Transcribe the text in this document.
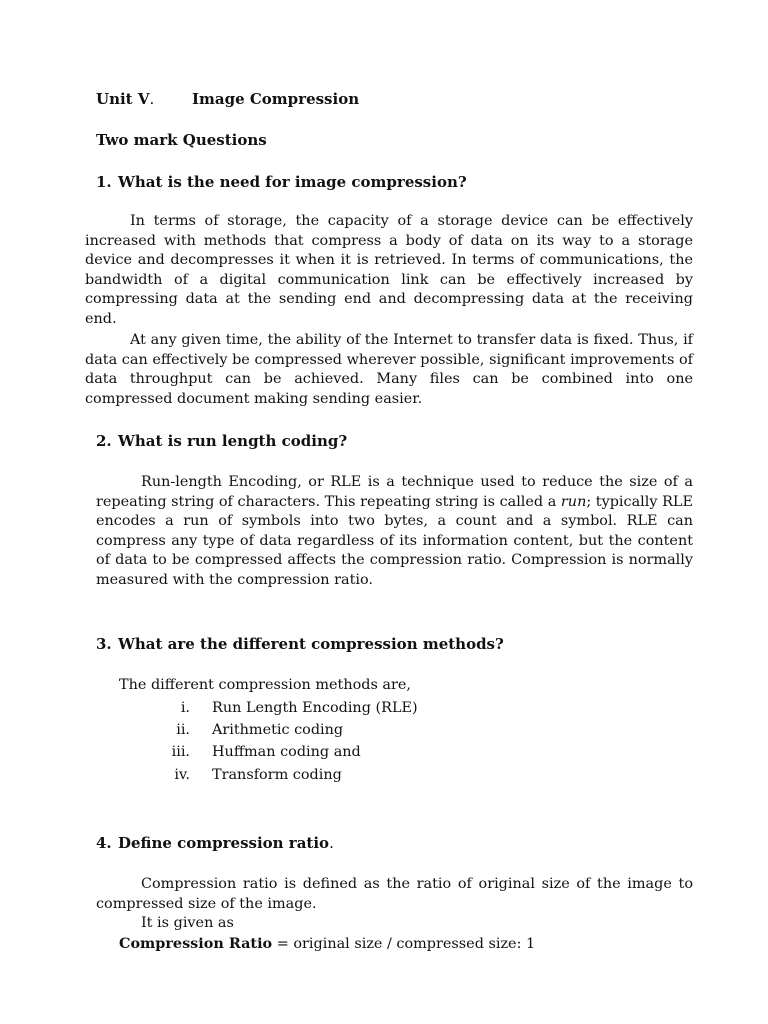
Unit V.	Image Compression
Two mark Questions
1. What is the need for image compression?
In terms of storage, the capacity of a storage device can be effectively increased with methods that compress a body of data on its way to a storage device and decompresses it when it is retrieved. In terms of communications, the bandwidth of a digital communication link can be effectively increased by compressing data at the sending end and decompressing data at the receiving end.
At any given time, the ability of the Internet to transfer data is fixed. Thus, if data can effectively be compressed wherever possible, significant improvements of data throughput can be achieved. Many files can be combined into one compressed document making sending easier.
2. What is run length coding?
Run-length Encoding, or RLE is a technique used to reduce the size of a repeating string of characters. This repeating string is called a run; typically RLE encodes a run of symbols into two bytes, a count and a symbol. RLE can compress any type of data regardless of its information content, but the content of data to be compressed affects the compression ratio. Compression is normally measured with the compression ratio.
3. What are the different compression methods?
The different compression methods are,
i. Run Length Encoding (RLE)
ii. Arithmetic coding
iii. Huffman coding and
iv. Transform coding
4. Define compression ratio.
Compression ratio is defined as the ratio of original size of the image to compressed size of the image.
It is given as
Compression Ratio = original size / compressed size: 1
